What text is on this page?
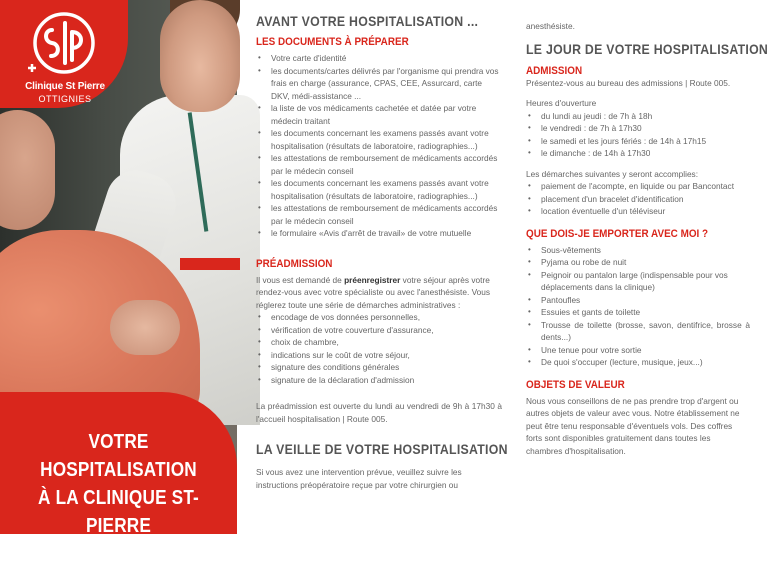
Clinique St Pierre
OTTIGNIES
VOTRE HOSPITALISATION
À LA CLINIQUE ST-PIERRE
OTTIGNIES
AVANT VOTRE HOSPITALISATION ...
LES DOCUMENTS À PRÉPARER
• Votre carte d'identité
• les documents/cartes délivrés par l'organisme qui prendra vos frais en charge (assurance, CPAS, CEE, Assurcard, carte DKV, médi-assistance ...
• la liste de vos médicaments cachetée et datée par votre médecin traitant
• les documents concernant les examens passés avant votre hospitalisation (résultats de laboratoire, radiographies...)
• les attestations de remboursement de médicaments accordés par le médecin conseil
• les documents concernant les examens passés avant votre hospitalisation (résultats de laboratoire, radiographies...)
• les attestations de remboursement de médicaments accordés par le médecin conseil
• le formulaire «Avis d'arrêt de travail» de votre mutuelle
PRÉADMISSION
Il vous est demandé de préenregistrer votre séjour après votre rendez-vous avec votre spécialiste ou avec l'anesthésiste. Vous réglerez toute une série de démarches administratives :
• encodage de vos données personnelles,
• vérification de votre couverture d'assurance,
• choix de chambre,
• indications sur le coût de votre séjour,
• signature des conditions générales
• signature de la déclaration d'admission
La préadmission est ouverte du lundi au vendredi de 9h à 17h30 à l'accueil hospitalisation | Route 005.
LA VEILLE DE VOTRE HOSPITALISATION
Si vous avez une intervention prévue, veuillez suivre les instructions préopératoire reçue par votre chirurgien ou
anesthésiste.
LE JOUR DE VOTRE HOSPITALISATION
ADMISSION
Présentez-vous au bureau des admissions | Route 005.
Heures d'ouverture
• du lundi au jeudi : de 7h à 18h
• le vendredi : de 7h à 17h30
• le samedi et les jours fériés : de 14h à 17h15
• le dimanche : de 14h à 17h30
Les démarches suivantes y seront accomplies:
• paiement de l'acompte, en liquide ou par Bancontact
• placement d'un bracelet d'identification
• location éventuelle d'un téléviseur
QUE DOIS-JE EMPORTER AVEC MOI ?
• Sous-vêtements
• Pyjama ou robe de nuit
• Peignoir ou pantalon large (indispensable pour vos déplacements dans la clinique)
• Pantoufles
• Essuies et gants de toilette
• Trousse de toilette (brosse, savon, dentifrice, brosse à dents...)
• Une tenue pour votre sortie
• De quoi s'occuper (lecture, musique, jeux...)
OBJETS DE VALEUR
Nous vous conseillons de ne pas prendre trop d'argent ou autres objets de valeur avec vous. Notre établissement ne peut être tenu responsable d'éventuels vols. Des coffres forts sont disponibles gratuitement dans toutes les chambres d'hospitalisation.
